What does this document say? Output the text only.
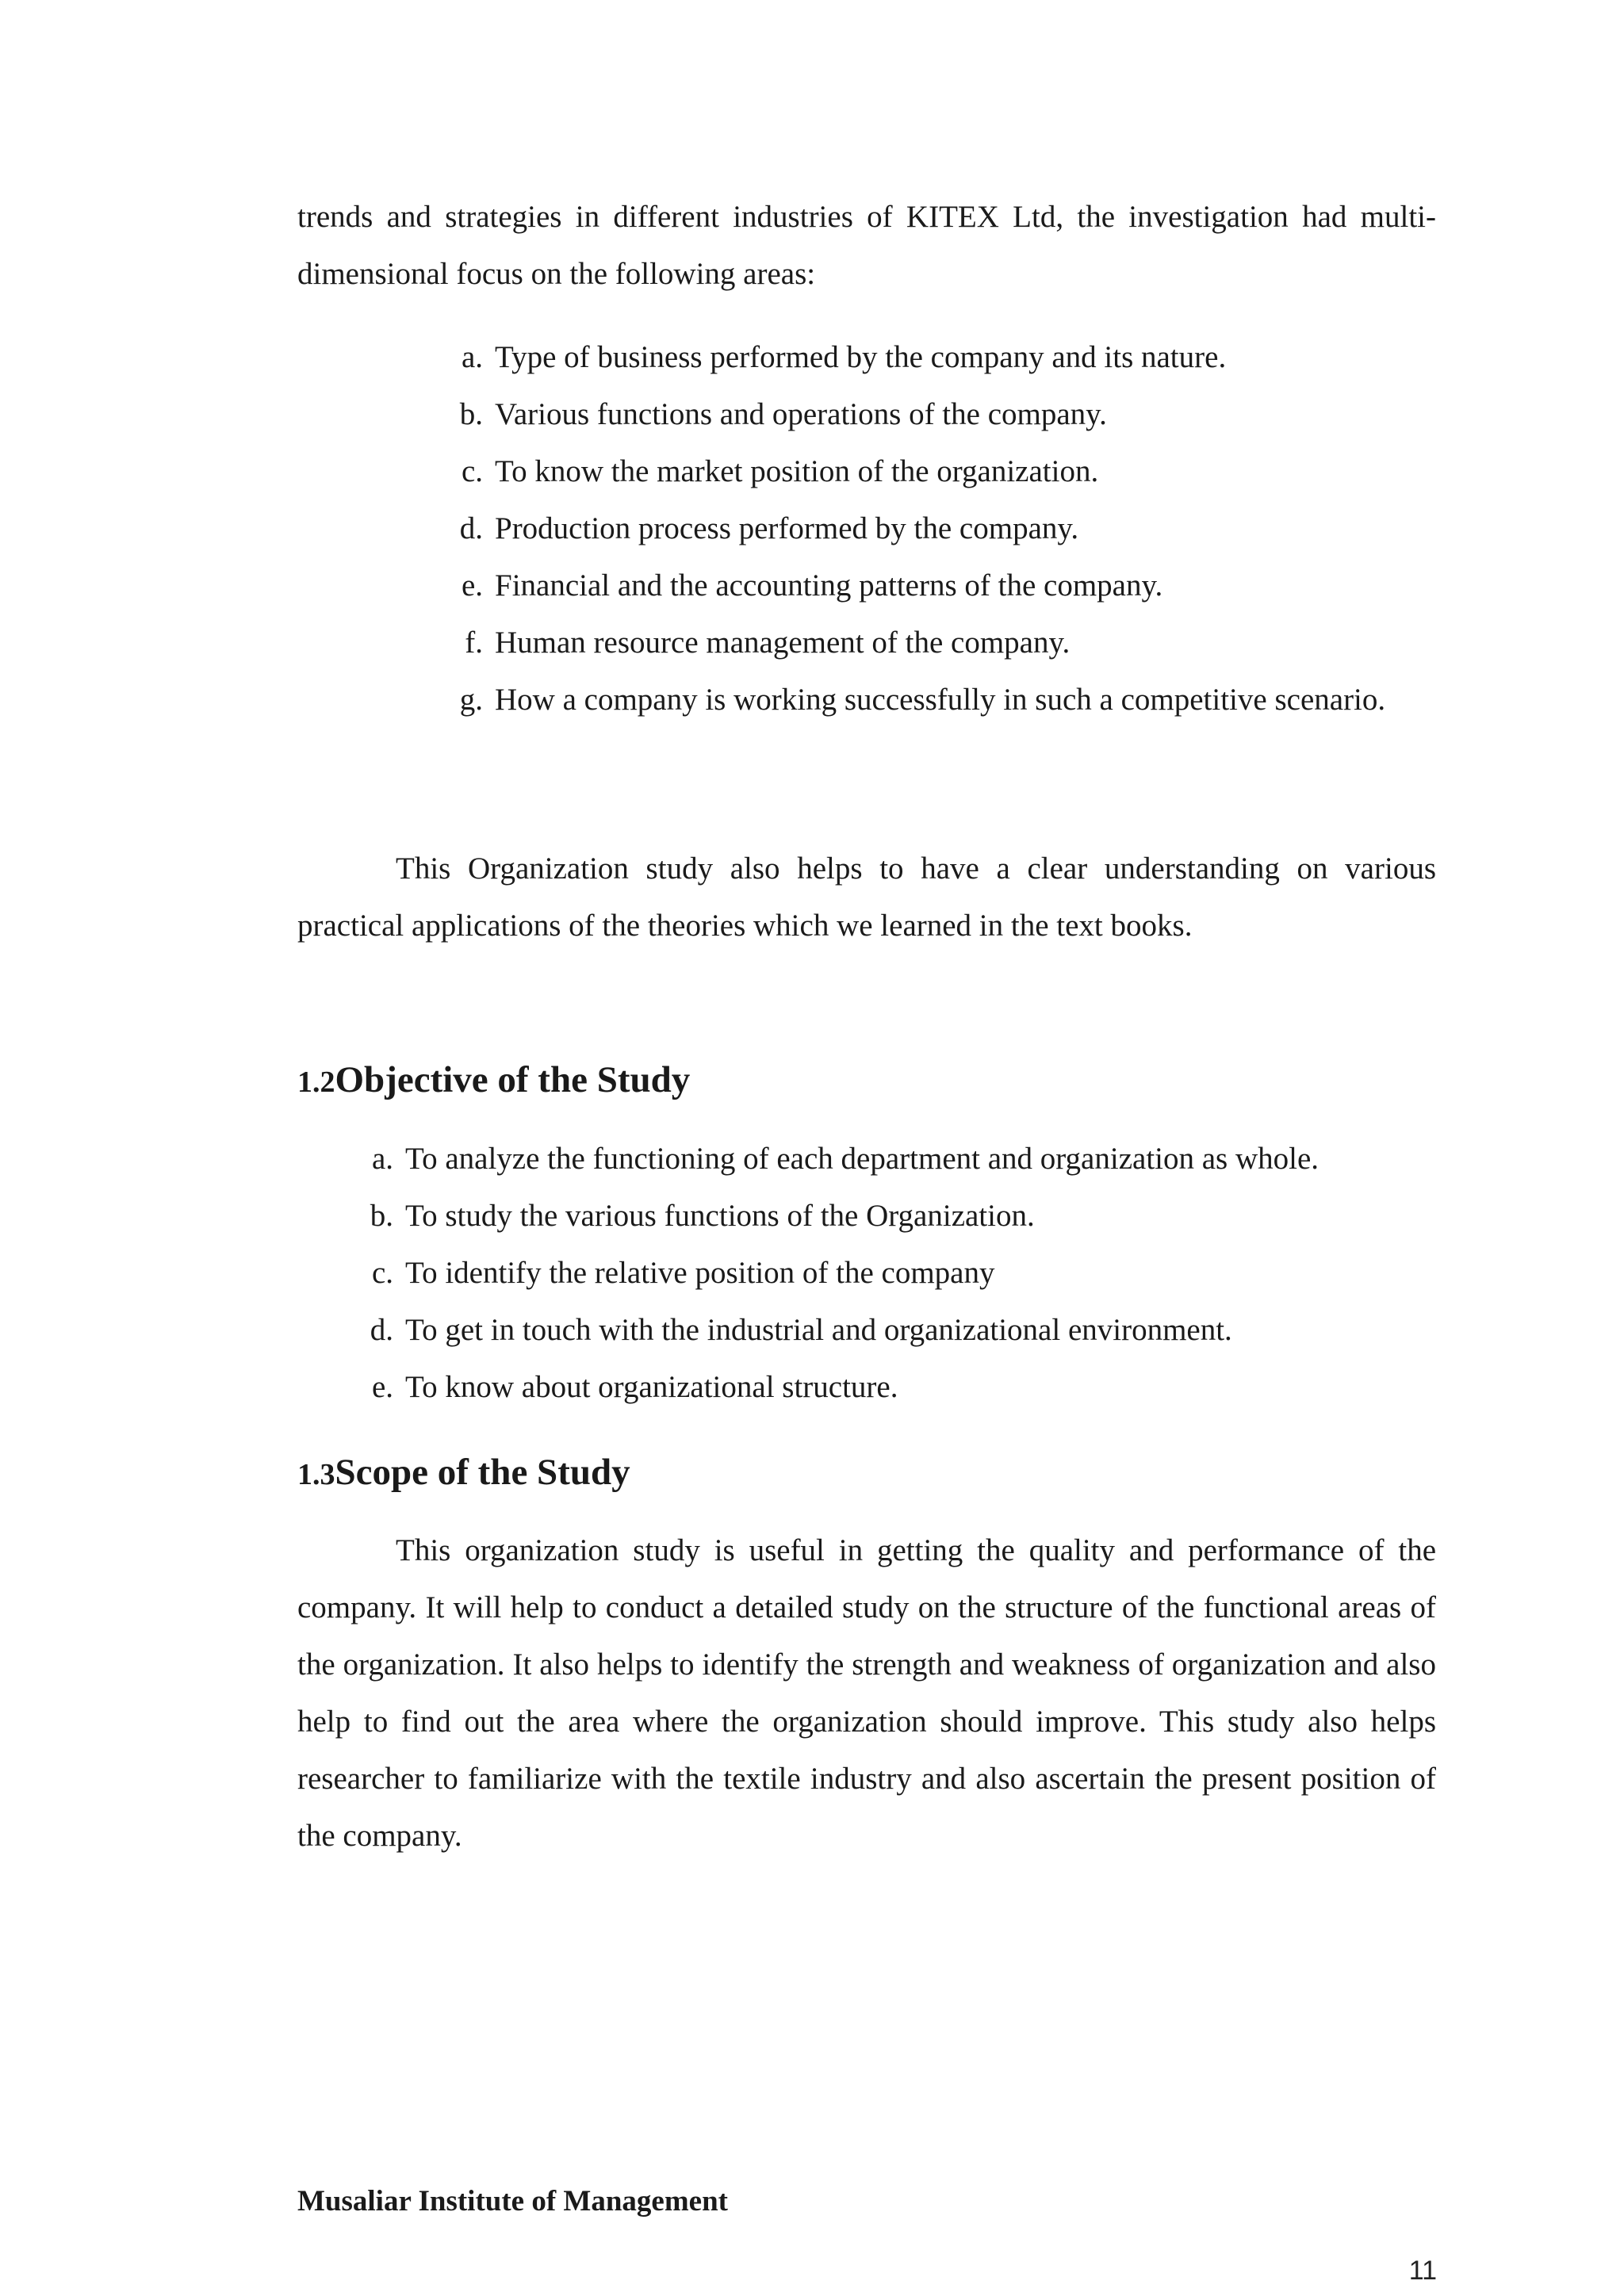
trends and strategies in different industries of KITEX Ltd, the investigation had multi-dimensional focus on the following areas:

a. Type of business performed by the company and its nature.
b. Various functions and operations of the company.
c. To know the market position of the organization.
d. Production process performed by the company.
e. Financial and the accounting patterns of the company.
f. Human resource management of the company.
g. How a company is working successfully in such a competitive scenario.

This Organization study also helps to have a clear understanding on various practical applications of the theories which we learned in the text books.

1.2Objective of the Study
a. To analyze the functioning of each department and organization as whole.
b. To study the various functions of the Organization.
c. To identify the relative position of the company
d. To get in touch with the industrial and organizational environment.
e. To know about organizational structure.
1.3Scope of the Study

This organization study is useful in getting the quality and performance of the company. It will help to conduct a detailed study on the structure of the functional areas of the organization. It also helps to identify the strength and weakness of organization and also help to find out the area where the organization should improve. This study also helps researcher to familiarize with the textile industry and also ascertain the present position of the company.

Musaliar Institute of Management
11
